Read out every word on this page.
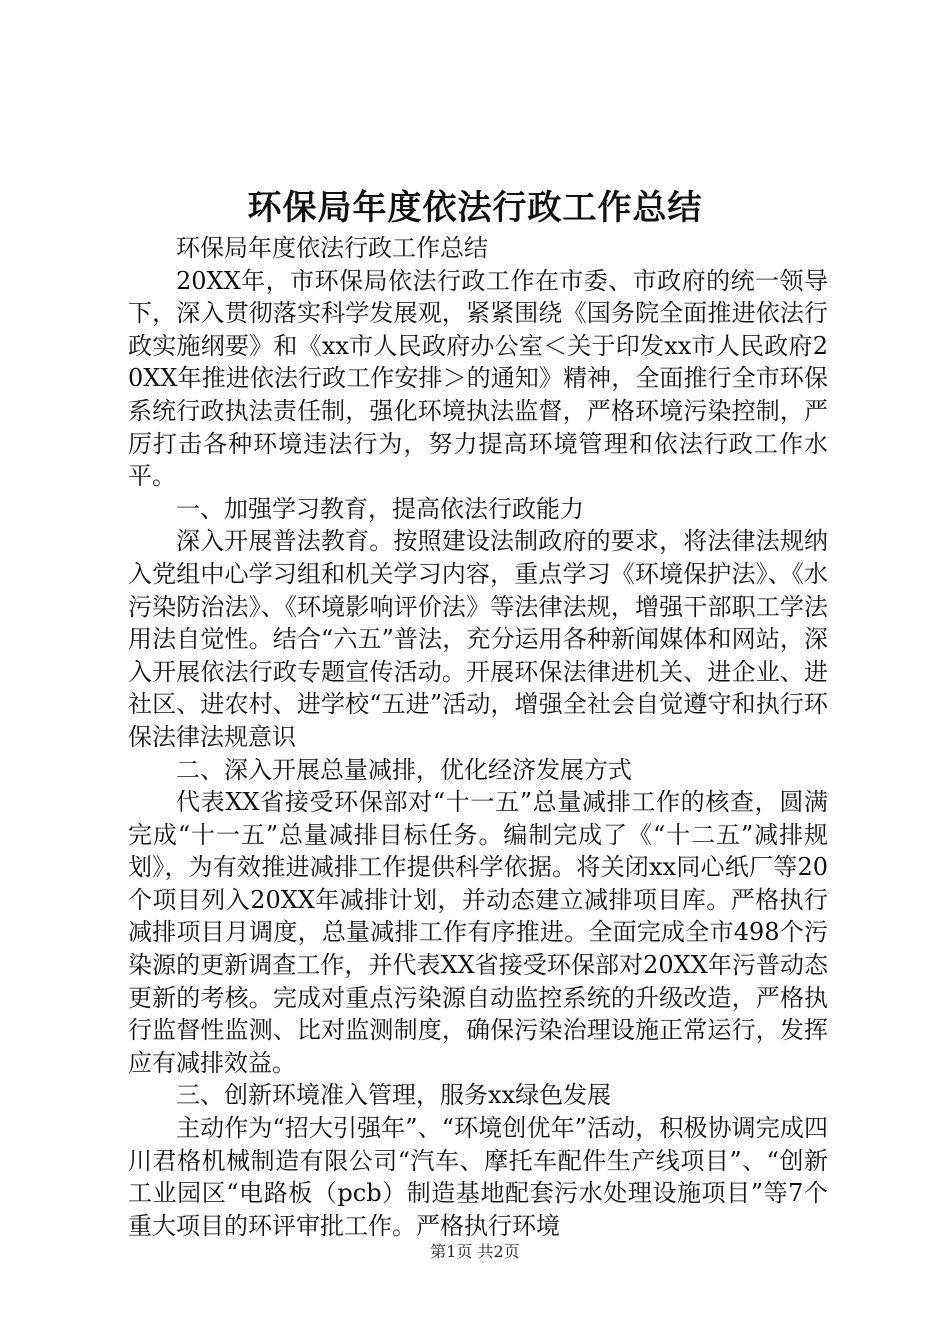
环保局年度依法行政工作总结

环保局年度依法行政工作总结

20XX年，市环保局依法行政工作在市委、市政府的统一领导下，深入贯彻落实科学发展观，紧紧围绕《国务院全面推进依法行政实施纲要》和《xx市人民政府办公室＜关于印发xx市人民政府20XX年推进依法行政工作安排＞的通知》精神，全面推行全市环保系统行政执法责任制，强化环境执法监督，严格环境污染控制，严厉打击各种环境违法行为，努力提高环境管理和依法行政工作水平。

一、加强学习教育，提高依法行政能力

深入开展普法教育。按照建设法制政府的要求，将法律法规纳入党组中心学习组和机关学习内容，重点学习《环境保护法》、《水污染防治法》、《环境影响评价法》等法律法规，增强干部职工学法用法自觉性。结合“六五”普法，充分运用各种新闻媒体和网站，深入开展依法行政专题宣传活动。开展环保法律进机关、进企业、进社区、进农村、进学校“五进”活动，增强全社会自觉遵守和执行环保法律法规意识

二、深入开展总量减排，优化经济发展方式

代表XX省接受环保部对“十一五”总量减排工作的核查，圆满完成“十一五”总量减排目标任务。编制完成了《“十二五”减排规划》，为有效推进减排工作提供科学依据。将关闭xx同心纸厂等20个项目列入20XX年减排计划，并动态建立减排项目库。严格执行减排项目月调度，总量减排工作有序推进。全面完成全市498个污染源的更新调查工作，并代表XX省接受环保部对20XX年污普动态更新的考核。完成对重点污染源自动监控系统的升级改造，严格执行监督性监测、比对监测制度，确保污染治理设施正常运行，发挥应有减排效益。

三、创新环境准入管理，服务xx绿色发展

主动作为“招大引强年”、“环境创优年”活动，积极协调完成四川君格机械制造有限公司“汽车、摩托车配件生产线项目”、“创新工业园区“电路板（pcb）制造基地配套污水处理设施项目”等7个重大项目的环评审批工作。严格执行环境

第1页 共2页
